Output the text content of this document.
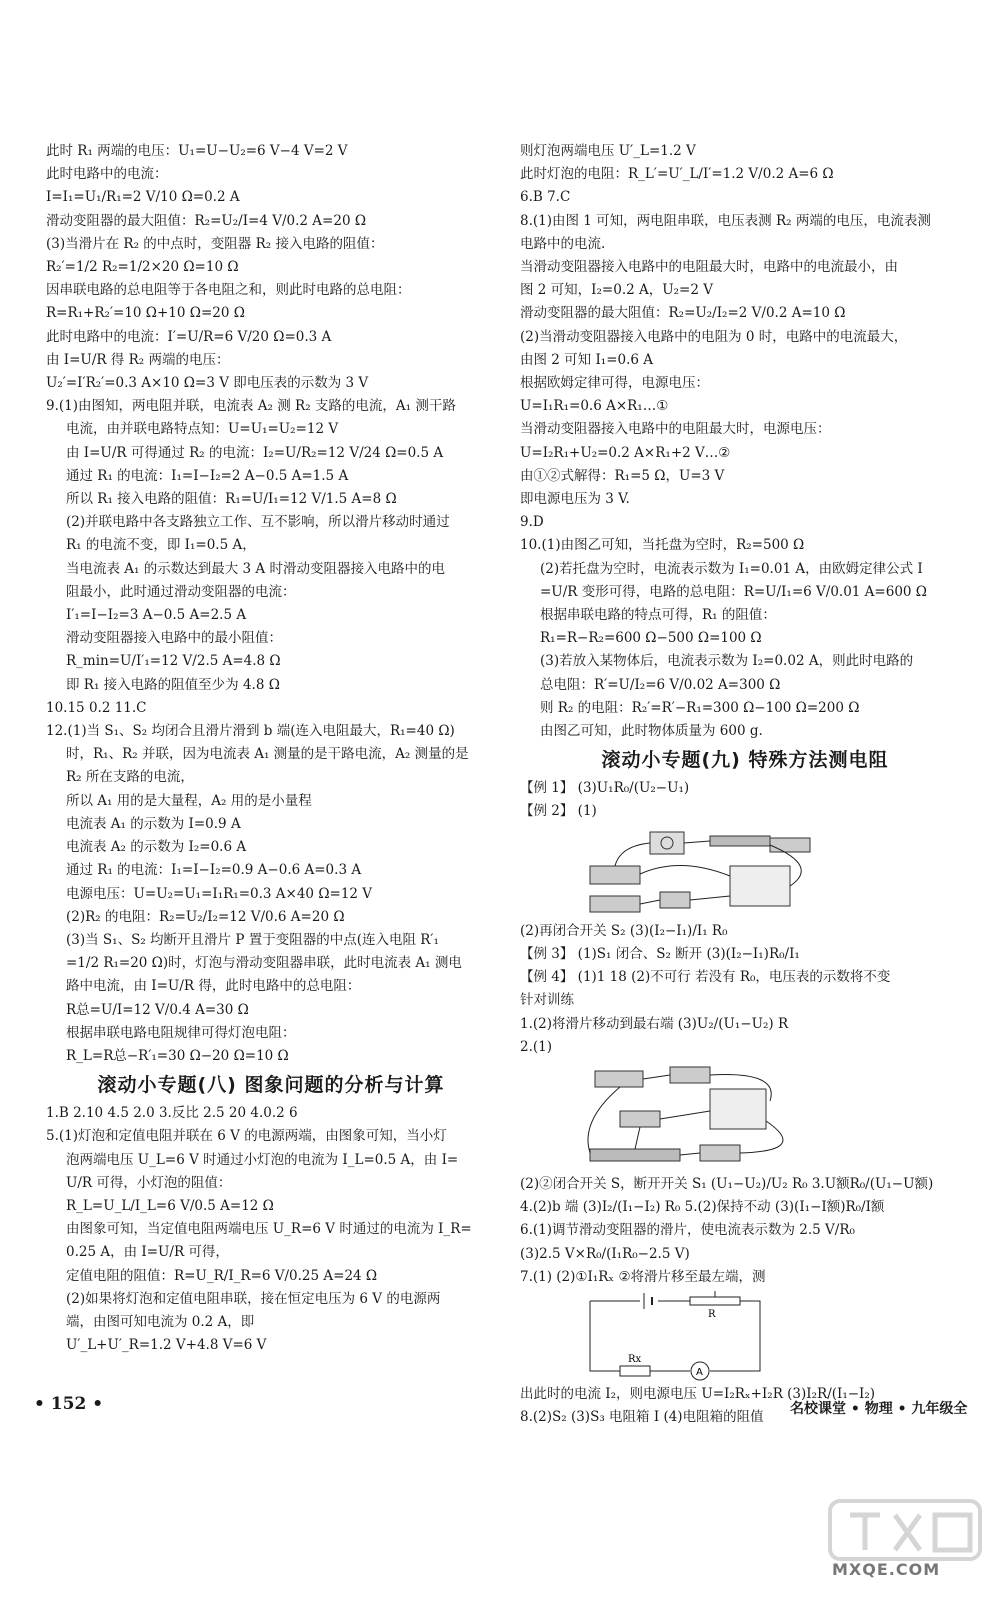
此时 R₁ 两端的电压：U₁=U−U₂=6 V−4 V=2 V
此时电路中的电流：
I=I₁=U₁/R₁=2 V/10 Ω=0.2 A
滑动变阻器的最大阻值：R₂=U₂/I=4 V/0.2 A=20 Ω
(3)当滑片在 R₂ 的中点时，变阻器 R₂ 接入电路的阻值：
R₂′=1/2 R₂=1/2×20 Ω=10 Ω
因串联电路的总电阻等于各电阻之和，则此时电路的总电阻：
R=R₁+R₂′=10 Ω+10 Ω=20 Ω
此时电路中的电流：I′=U/R=6 V/20 Ω=0.3 A
由 I=U/R 得 R₂ 两端的电压：
U₂′=I′R₂′=0.3 A×10 Ω=3 V 即电压表的示数为 3 V
9.(1)由图知，两电阻并联，电流表 A₂ 测 R₂ 支路的电流，A₁ 测干路
电流，由并联电路特点知：U=U₁=U₂=12 V
由 I=U/R 可得通过 R₂ 的电流：I₂=U/R₂=12 V/24 Ω=0.5 A
通过 R₁ 的电流：I₁=I−I₂=2 A−0.5 A=1.5 A
所以 R₁ 接入电路的阻值：R₁=U/I₁=12 V/1.5 A=8 Ω
(2)并联电路中各支路独立工作、互不影响，所以滑片移动时通过
R₁ 的电流不变，即 I₁=0.5 A，
当电流表 A₁ 的示数达到最大 3 A 时滑动变阻器接入电路中的电
阻最小，此时通过滑动变阻器的电流：
I′₁=I−I₂=3 A−0.5 A=2.5 A
滑动变阻器接入电路中的最小阻值：
R_min=U/I′₁=12 V/2.5 A=4.8 Ω
即 R₁ 接入电路的阻值至少为 4.8 Ω
10.15 0.2 11.C
12.(1)当 S₁、S₂ 均闭合且滑片滑到 b 端(连入电阻最大，R₁=40 Ω)
时，R₁、R₂ 并联，因为电流表 A₁ 测量的是干路电流，A₂ 测量的是
R₂ 所在支路的电流，
所以 A₁ 用的是大量程，A₂ 用的是小量程
电流表 A₁ 的示数为 I=0.9 A
电流表 A₂ 的示数为 I₂=0.6 A
通过 R₁ 的电流：I₁=I−I₂=0.9 A−0.6 A=0.3 A
电源电压：U=U₂=U₁=I₁R₁=0.3 A×40 Ω=12 V
(2)R₂ 的电阻：R₂=U₂/I₂=12 V/0.6 A=20 Ω
(3)当 S₁、S₂ 均断开且滑片 P 置于变阻器的中点(连入电阻 R′₁
=1/2 R₁=20 Ω)时，灯泡与滑动变阻器串联，此时电流表 A₁ 测电
路中电流，由 I=U/R 得，此时电路中的总电阻：
R总=U/I=12 V/0.4 A=30 Ω
根据串联电路电阻规律可得灯泡电阻：
R_L=R总−R′₁=30 Ω−20 Ω=10 Ω
滚动小专题(八) 图象问题的分析与计算
1.B 2.10 4.5 2.0 3.反比 2.5 20 4.0.2 6
5.(1)灯泡和定值电阻并联在 6 V 的电源两端，由图象可知，当小灯
泡两端电压 U_L=6 V 时通过小灯泡的电流为 I_L=0.5 A，由 I=
U/R 可得，小灯泡的阻值：
R_L=U_L/I_L=6 V/0.5 A=12 Ω
由图象可知，当定值电阻两端电压 U_R=6 V 时通过的电流为 I_R=
0.25 A，由 I=U/R 可得，
定值电阻的阻值：R=U_R/I_R=6 V/0.25 A=24 Ω
(2)如果将灯泡和定值电阻串联，接在恒定电压为 6 V 的电源两
端，由图可知电流为 0.2 A，即
U′_L+U′_R=1.2 V+4.8 V=6 V
则灯泡两端电压 U′_L=1.2 V
此时灯泡的电阻：R_L′=U′_L/I′=1.2 V/0.2 A=6 Ω
6.B 7.C
8.(1)由图 1 可知，两电阻串联，电压表测 R₂ 两端的电压，电流表测
电路中的电流.
当滑动变阻器接入电路中的电阻最大时，电路中的电流最小，由
图 2 可知，I₂=0.2 A，U₂=2 V
滑动变阻器的最大阻值：R₂=U₂/I₂=2 V/0.2 A=10 Ω
(2)当滑动变阻器接入电路中的电阻为 0 时，电路中的电流最大，
由图 2 可知 I₁=0.6 A
根据欧姆定律可得，电源电压：
U=I₁R₁=0.6 A×R₁…①
当滑动变阻器接入电路中的电阻最大时，电源电压：
U=I₂R₁+U₂=0.2 A×R₁+2 V…②
由①②式解得：R₁=5 Ω，U=3 V
即电源电压为 3 V.
9.D
10.(1)由图乙可知，当托盘为空时，R₂=500 Ω
(2)若托盘为空时，电流表示数为 I₁=0.01 A，由欧姆定律公式 I
=U/R 变形可得，电路的总电阻：R=U/I₁=6 V/0.01 A=600 Ω
根据串联电路的特点可得，R₁ 的阻值：
R₁=R−R₂=600 Ω−500 Ω=100 Ω
(3)若放入某物体后，电流表示数为 I₂=0.02 A，则此时电路的
总电阻：R′=U/I₂=6 V/0.02 A=300 Ω
则 R₂ 的电阻：R₂′=R′−R₁=300 Ω−100 Ω=200 Ω
由图乙可知，此时物体质量为 600 g.
滚动小专题(九) 特殊方法测电阻
【例 1】 (3)U₁R₀/(U₂−U₁)
【例 2】 (1)
(2)再闭合开关 S₂ (3)(I₂−I₁)/I₁ R₀
【例 3】 (1)S₁ 闭合、S₂ 断开 (3)(I₂−I₁)R₀/I₁
【例 4】 (1)1 18 (2)不可行 若没有 R₀，电压表的示数将不变
针对训练
1.(2)将滑片移动到最右端 (3)U₂/(U₁−U₂) R
2.(1)
(2)②闭合开关 S，断开开关 S₁ (U₁−U₂)/U₂ R₀ 3.U额R₀/(U₁−U额)
4.(2)b 端 (3)I₂/(I₁−I₂) R₀ 5.(2)保持不动 (3)(I₁−I额)R₀/I额
6.(1)调节滑动变阻器的滑片，使电流表示数为 2.5 V/R₀
(3)2.5 V×R₀/(I₁R₀−2.5 V)
7.(1) (2)①I₁Rₓ ②将滑片移至最左端，测
A
R
Rx
出此时的电流 I₂，则电源电压 U=I₂Rₓ+I₂R (3)I₂R/(I₁−I₂)
8.(2)S₂ (3)S₃ 电阻箱 I (4)电阻箱的阻值
• 152 •	名校课堂 • 物理 • 九年级全
MXQE.COM
